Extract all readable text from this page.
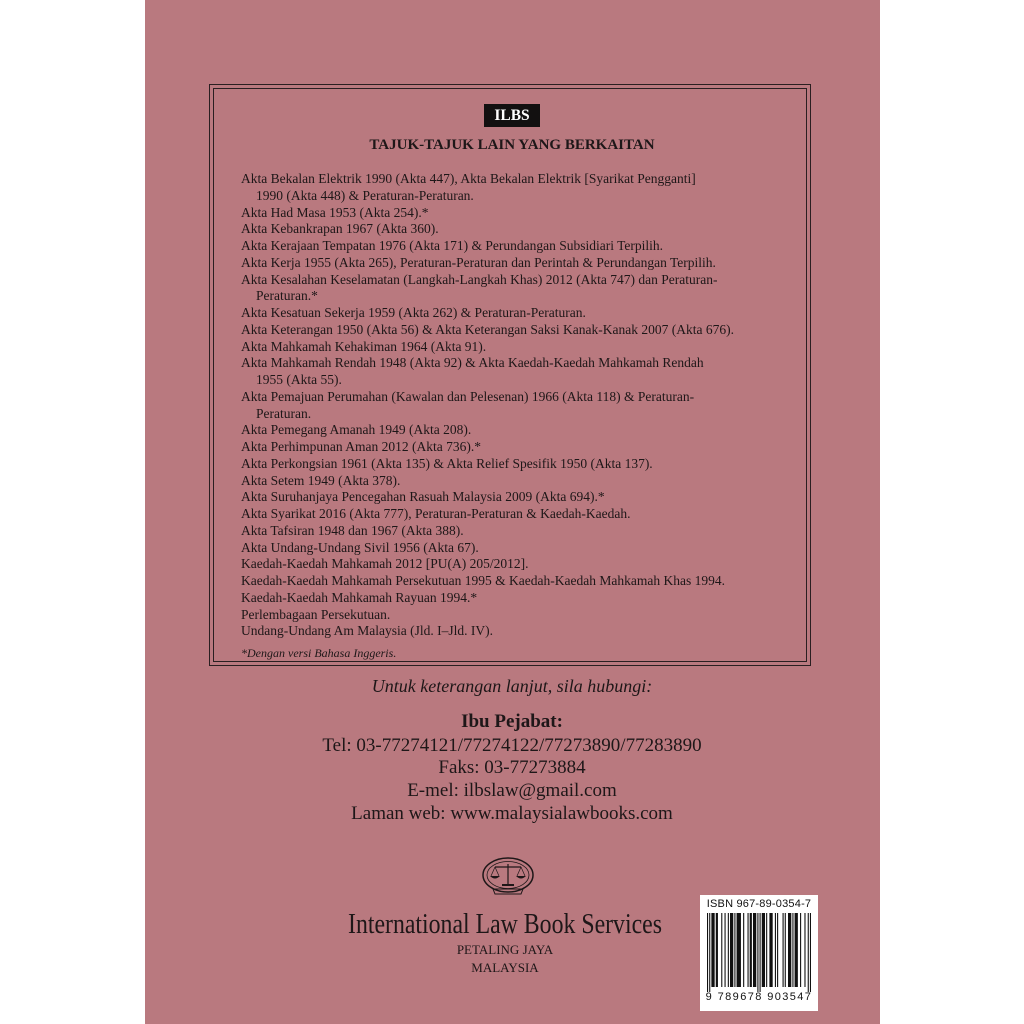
ILBS
TAJUK-TAJUK LAIN YANG BERKAITAN
Akta Bekalan Elektrik 1990 (Akta 447), Akta Bekalan Elektrik [Syarikat Pengganti]
1990 (Akta 448) & Peraturan-Peraturan.
Akta Had Masa 1953 (Akta 254).*
Akta Kebankrapan 1967 (Akta 360).
Akta Kerajaan Tempatan 1976 (Akta 171) & Perundangan Subsidiari Terpilih.
Akta Kerja 1955 (Akta 265), Peraturan-Peraturan dan Perintah & Perundangan Terpilih.
Akta Kesalahan Keselamatan (Langkah-Langkah Khas) 2012 (Akta 747) dan Peraturan-
Peraturan.*
Akta Kesatuan Sekerja 1959 (Akta 262) & Peraturan-Peraturan.
Akta Keterangan 1950 (Akta 56) & Akta Keterangan Saksi Kanak-Kanak 2007 (Akta 676).
Akta Mahkamah Kehakiman 1964 (Akta 91).
Akta Mahkamah Rendah 1948 (Akta 92) & Akta Kaedah-Kaedah Mahkamah Rendah
1955 (Akta 55).
Akta Pemajuan Perumahan (Kawalan dan Pelesenan) 1966 (Akta 118) & Peraturan-
Peraturan.
Akta Pemegang Amanah 1949 (Akta 208).
Akta Perhimpunan Aman 2012 (Akta 736).*
Akta Perkongsian 1961 (Akta 135) & Akta Relief Spesifik 1950 (Akta 137).
Akta Setem 1949 (Akta 378).
Akta Suruhanjaya Pencegahan Rasuah Malaysia 2009 (Akta 694).*
Akta Syarikat 2016 (Akta 777), Peraturan-Peraturan & Kaedah-Kaedah.
Akta Tafsiran 1948 dan 1967 (Akta 388).
Akta Undang-Undang Sivil 1956 (Akta 67).
Kaedah-Kaedah Mahkamah 2012 [PU(A) 205/2012].
Kaedah-Kaedah Mahkamah Persekutuan 1995 & Kaedah-Kaedah Mahkamah Khas 1994.
Kaedah-Kaedah Mahkamah Rayuan 1994.*
Perlembagaan Persekutuan.
Undang-Undang Am Malaysia (Jld. I–Jld. IV).
*Dengan versi Bahasa Inggeris.
Untuk keterangan lanjut, sila hubungi:
Ibu Pejabat:
Tel: 03-77274121/77274122/77273890/77283890
Faks: 03-77273884
E-mel: ilbslaw@gmail.com
Laman web: www.malaysialawbooks.com
International Law Book Services
PETALING JAYA
MALAYSIA
ISBN 967-89-0354-7
9 789678 903547
